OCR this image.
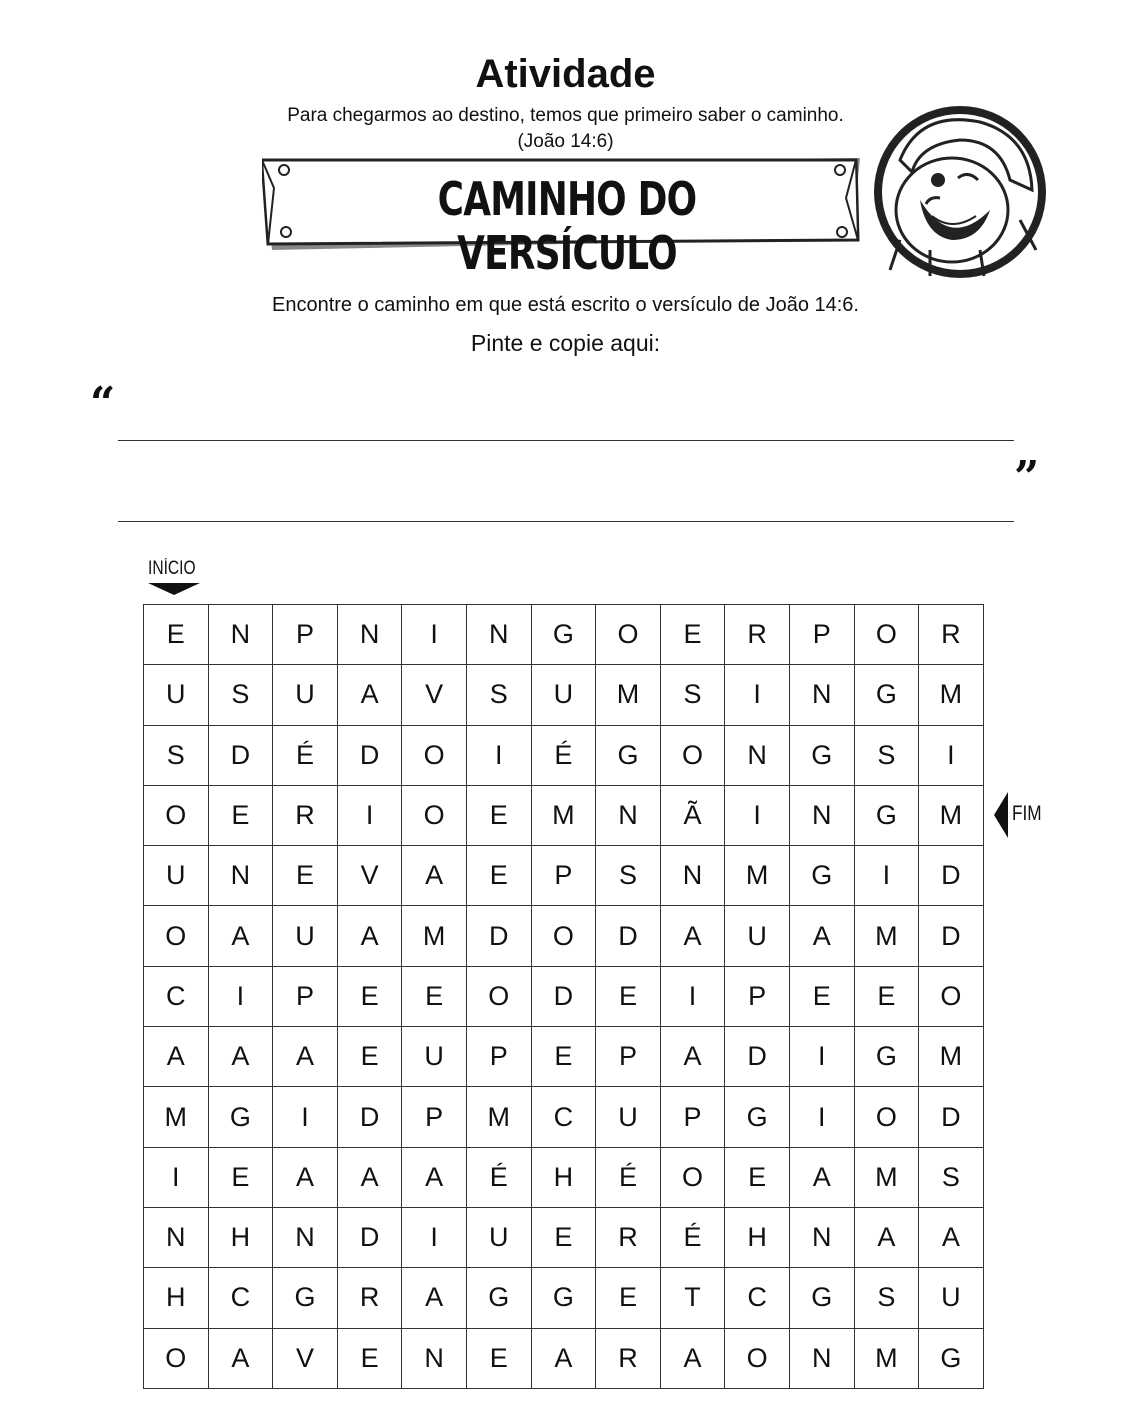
Atividade
Para chegarmos ao destino, temos que primeiro saber o caminho.
(João 14:6)
CAMINHO DO VERSÍCULO
Encontre o caminho em que está escrito o versículo de João 14:6.
Pinte e copie aqui:
“
”
INÍCIO
E	N	P	N	I	N	G	O	E	R	P	O	R
U	S	U	A	V	S	U	M	S	I	N	G	M
S	D	É	D	O	I	É	G	O	N	G	S	I
O	E	R	I	O	E	M	N	Ã	I	N	G	M
U	N	E	V	A	E	P	S	N	M	G	I	D
O	A	U	A	M	D	O	D	A	U	A	M	D
C	I	P	E	E	O	D	E	I	P	E	E	O
A	A	A	E	U	P	E	P	A	D	I	G	M
M	G	I	D	P	M	C	U	P	G	I	O	D
I	E	A	A	A	É	H	É	O	E	A	M	S
N	H	N	D	I	U	E	R	É	H	N	A	A
H	C	G	R	A	G	G	E	T	C	G	S	U
O	A	V	E	N	E	A	R	A	O	N	M	G
FIM
